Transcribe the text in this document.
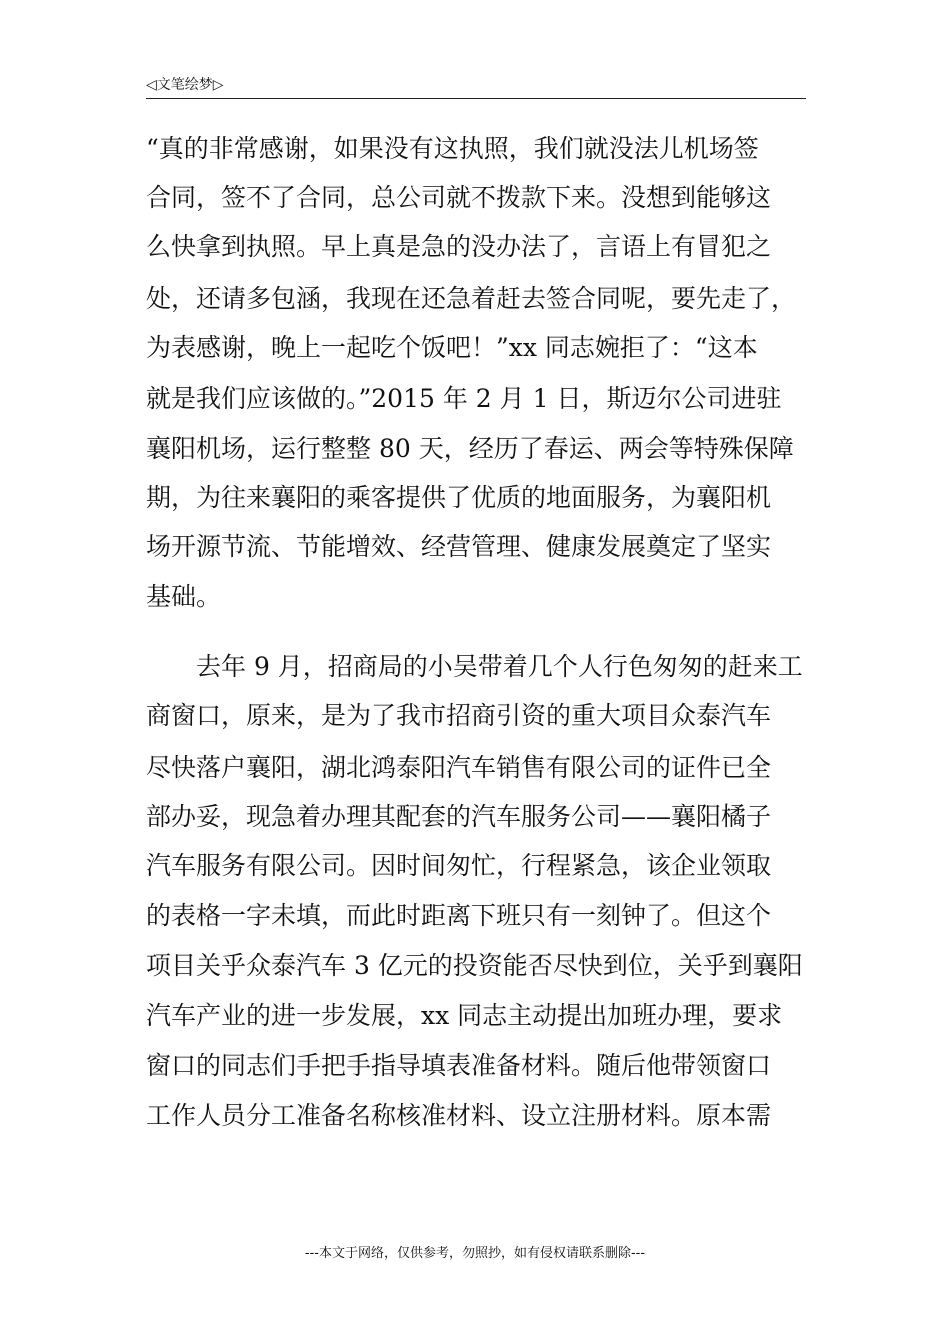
◁文笔绘梦▷
“真的非常感谢，如果没有这执照，我们就没法儿机场签
合同，签不了合同，总公司就不拨款下来。没想到能够这
么快拿到执照。早上真是急的没办法了，言语上有冒犯之
处，还请多包涵，我现在还急着赶去签合同呢，要先走了，
为表感谢，晚上一起吃个饭吧！”xx 同志婉拒了：“这本
就是我们应该做的。”2015 年 2 月 1 日，斯迈尔公司进驻
襄阳机场，运行整整 80 天，经历了春运、两会等特殊保障
期，为往来襄阳的乘客提供了优质的地面服务，为襄阳机
场开源节流、节能增效、经营管理、健康发展奠定了坚实
基础。
去年 9 月，招商局的小吴带着几个人行色匆匆的赶来工
商窗口，原来，是为了我市招商引资的重大项目众泰汽车
尽快落户襄阳，湖北鸿泰阳汽车销售有限公司的证件已全
部办妥，现急着办理其配套的汽车服务公司——襄阳橘子
汽车服务有限公司。因时间匆忙，行程紧急，该企业领取
的表格一字未填，而此时距离下班只有一刻钟了。但这个
项目关乎众泰汽车 3 亿元的投资能否尽快到位，关乎到襄阳
汽车产业的进一步发展，xx 同志主动提出加班办理，要求
窗口的同志们手把手指导填表准备材料。随后他带领窗口
工作人员分工准备名称核准材料、设立注册材料。原本需
---本文于网络，仅供参考，勿照抄，如有侵权请联系删除---
